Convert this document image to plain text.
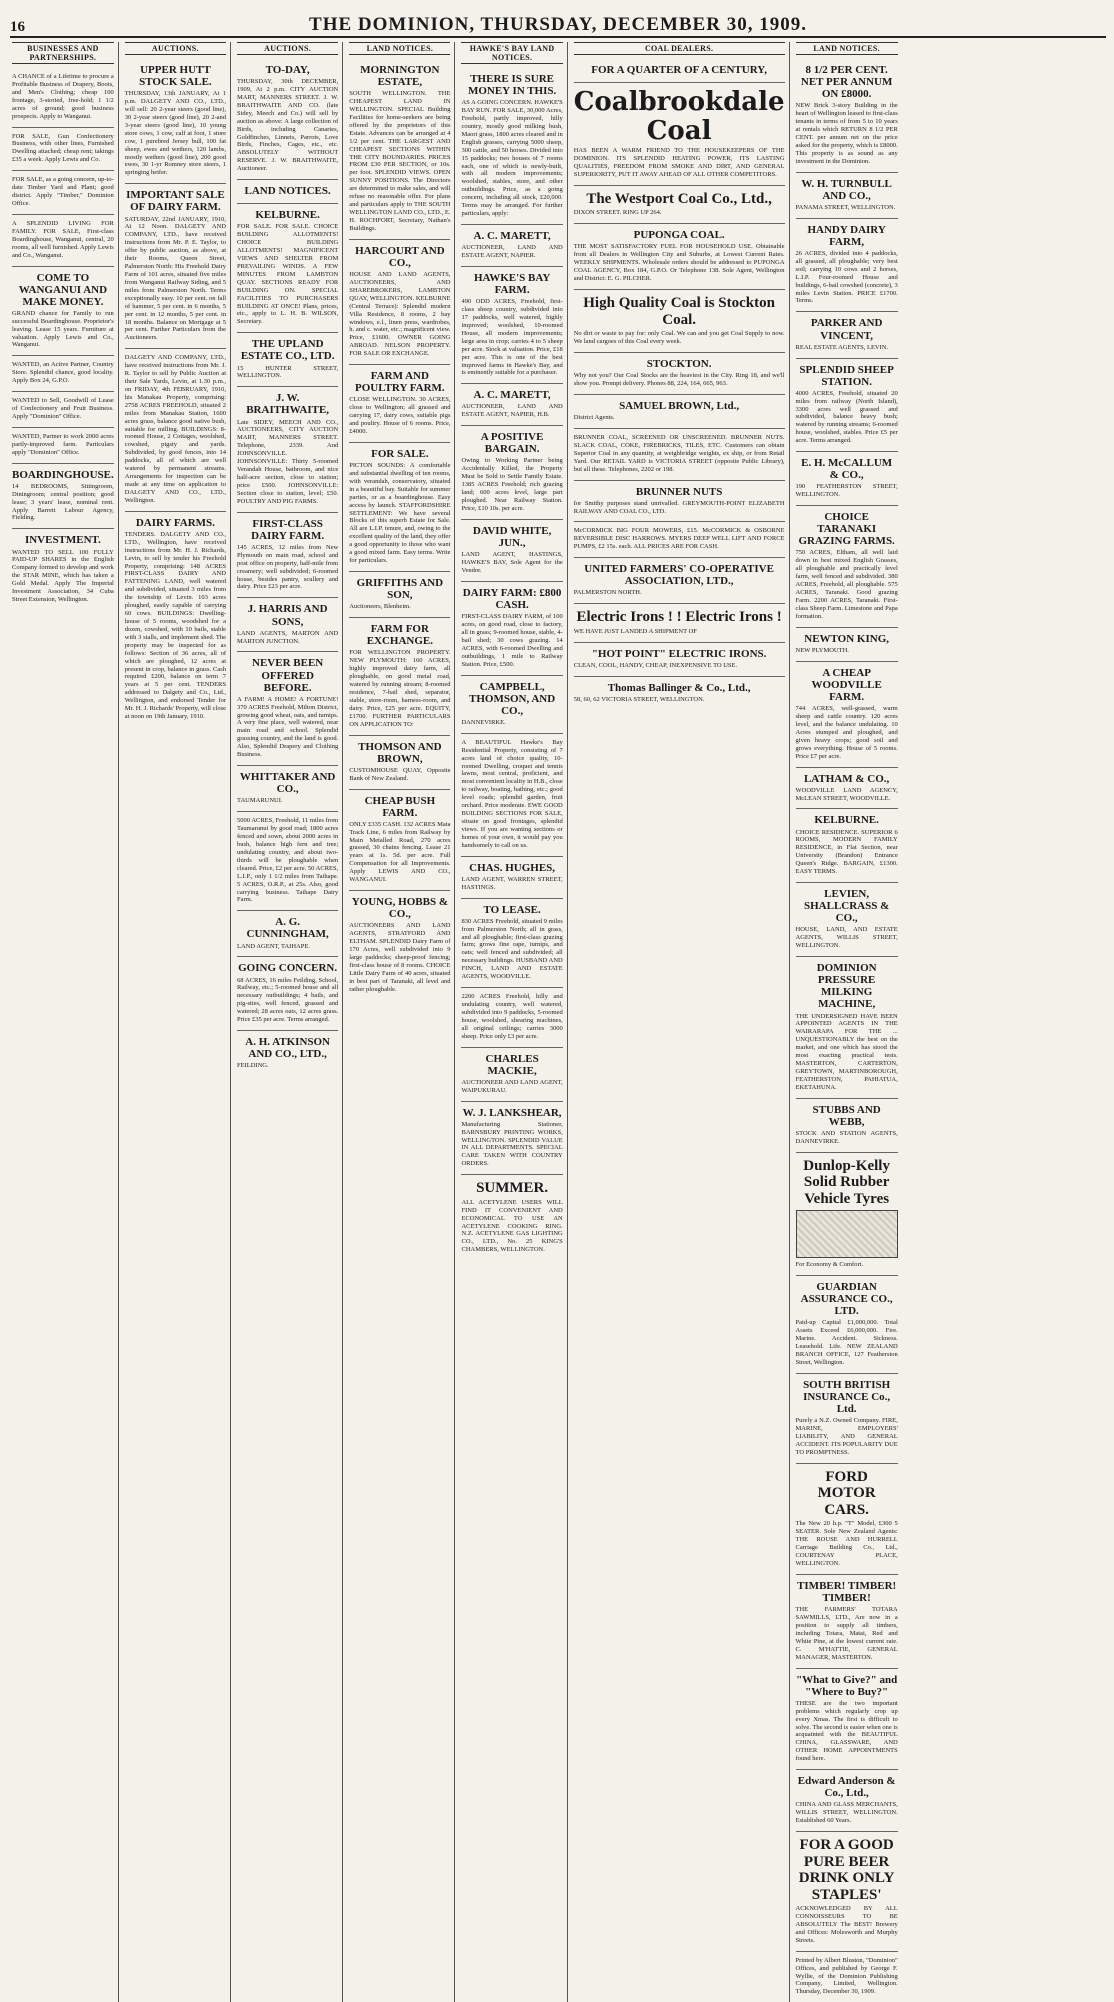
16	THE DOMINION, THURSDAY, DECEMBER 30, 1909.
BUSINESSES AND PARTNERSHIPS.
A CHANCE of a Lifetime to procure a Profitable Business of Drapery, Boots, and Men's Clothing; cheap 100 frontage, 3-storied, free-hold; 1 1/2 acres of ground; good business prospects. Apply to Wanganui.
FOR SALE, Gun Confectionery Business, with other lines, Furnished Dwelling attached; cheap rent; takings £35 a week. Apply Lewis and Co.
FOR SALE, as a going concern, up-to-date Timber Yard and Plant; good district. Apply "Timber," Dominion Office.
A SPLENDID LIVING FOR FAMILY. FOR SALE, First-class Boardinghouse, Wanganui, central, 20 rooms, all well furnished. Apply Lewis and Co., Wanganui.
COME TO WANGANUI AND MAKE MONEY.
GRAND chance for Family to run successful Boardinghouse. Proprietor's leaving. Lease 15 years. Furniture at valuation. Apply Lewis and Co., Wanganui.
WANTED, an Active Partner, Country Store. Splendid chance, good locality. Apply Box 24, G.P.O.
WANTED to Sell, Goodwill of Lease of Confectionery and Fruit Business. Apply "Dominion" Office.
WANTED, Partner to work 2000 acres partly-improved farm. Particulars apply "Dominion" Office.
BOARDINGHOUSE.
14 BEDROOMS, Sittingroom, Diningroom; central position; good lease; 3 years' lease, nominal rent. Apply Barrett Labour Agency, Fielding.
INVESTMENT.
WANTED TO SELL 100 FULLY PAID-UP SHARES in the English Company formed to develop and work the STAR MINE, which has taken a Gold Medal. Apply The Imperial Investment Association, 34 Cuba Street Extension, Wellington.
AUCTIONS.
UPPER HUTT STOCK SALE.
THURSDAY, 13th JANUARY, At 1 p.m. DALGETY AND CO., LTD., will sell: 20 2-year steers (good line), 30 2-year steers (good line), 20 2-and 3-year steers (good line), 10 young store cows, 1 cow, calf at foot, 1 store cow, 1 purebred Jersey bull, 100 fat sheep, ewes and wethers, 120 lambs, mostly wethers (good line), 200 good ewes, 30 1-yr Romney store steers, 1 springing heifer.
IMPORTANT SALE OF DAIRY FARM.
SATURDAY, 22nd JANUARY, 1910, At 12 Noon. DALGETY AND COMPANY, LTD., have received instructions from Mr. P. E. Taylor, to offer by public auction, as above, at their Rooms, Queen Street, Palmerston North: His Freehold Dairy Farm of 101 acres, situated five miles from Wanganui Railway Siding, and 5 miles from Palmerston North. Terms exceptionally easy. 10 per cent. on fall of hammer, 5 per cent. in 6 months, 5 per cent. in 12 months, 5 per cent. in 18 months. Balance on Mortgage at 5 per cent. Further Particulars from the Auctioneers.
DALGETY AND COMPANY, LTD., have received instructions from Mr. J. R. Taylor to sell by Public Auction at their Sale Yards, Levin, at 1.30 p.m., on FRIDAY, 4th FEBRUARY, 1910, his Manakau Property, comprising: 2758 ACRES FREEHOLD, situated 2 miles from Manakau Station, 1600 acres grass, balance good native bush, suitable for milling. BUILDINGS: 8-roomed House, 2 Cottages, woolshed, cowshed, pigsty and yards. Subdivided, by good fences, into 14 paddocks, all of which are well watered by permanent streams. Arrangements for inspection can be made at any time on application to DALGETY AND CO., LTD., Wellington.
DAIRY FARMS.
TENDERS. DALGETY AND CO., LTD., Wellington, have received instructions from Mr. H. J. Richards, Levin, to sell by tender his Freehold Property, comprising: 148 ACRES FIRST-CLASS DAIRY AND FATTENING LAND, well watered and subdivided, situated 3 miles from the township of Levin. 103 acres ploughed, easily capable of carrying 60 cows. BUILDINGS: Dwelling-house of 5 rooms, woodshed for a dozen, cowshed, with 10 bails, stable with 3 stalls, and implement shed. The property may be inspected for as follows: Section of 36 acres, all of which are ploughed, 12 acres at present in crop, balance in grass. Cash required £200, balance on term 7 years at 5 per cent. TENDERS addressed to Dalgety and Co., Ltd., Wellington, and endorsed Tender for Mr. H. J. Richards' Property, will close at noon on 19th January, 1910.
AUCTIONS.
TO-DAY,
THURSDAY, 30th DECEMBER, 1909, At 2 p.m. CITY AUCTION MART, MANNERS STREET. J. W. BRAITHWAITE AND CO. (late Sidey, Meech and Co.) will sell by auction as above: A large collection of Birds, including Canaries, Goldfinches, Linnets, Parrots, Love Birds, Finches, Cages, etc., etc. ABSOLUTELY WITHOUT RESERVE. J. W. BRAITHWAITE, Auctioneer.
LAND NOTICES.
KELBURNE.
FOR SALE. FOR SALE. CHOICE BUILDING ALLOTMENTS! CHOICE BUILDING ALLOTMENTS! MAGNIFICENT VIEWS AND SHELTER FROM PREVAILING WINDS. A FEW MINUTES FROM LAMBTON QUAY. SECTIONS READY FOR BUILDING ON. SPECIAL FACILITIES TO PURCHASERS BUILDING AT ONCE! Plans, prices, etc., apply to L. H. B. WILSON, Secretary.
THE UPLAND ESTATE CO., LTD.
15 HUNTER STREET, WELLINGTON.
J. W. BRAITHWAITE,
Late SIDEY, MEECH AND CO., AUCTIONEERS, CITY AUCTION MART, MANNERS STREET. Telephone, 2339. And JOHNSONVILLE. JOHNSONVILLE: Thirty 5-roomed Verandah House, bathroom, and nice half-acre section, close to station; price £500. JOHNSONVILLE: Section close to station, level; £50. POULTRY AND PIG FARMS.
FIRST-CLASS DAIRY FARM.
145 ACRES, 12 miles from New Plymouth on main road, school and post office on property, half-mile from creamery; well subdivided; 6-roomed house, besides pantry, scullery and dairy. Price £23 per acre.
J. HARRIS AND SONS,
LAND AGENTS, MARTON AND MARTON JUNCTION.
NEVER BEEN OFFERED BEFORE.
A FARM! A HOME! A FORTUNE! 370 ACRES Freehold, Milton District, growing good wheat, oats, and turnips. A very fine place, well watered, near main road and school. Splendid grassing country, and the land is good. Also, Splendid Drapery and Clothing Business.
WHITTAKER AND CO.,
TAUMARUNUI.
5000 ACRES, Freehold, 11 miles from Taumarunui by good road; 1800 acres fenced and sown, about 2000 acres in bush, balance high fern and tree; undulating country, and about two-thirds will be ploughable when cleared. Price, £2 per acre. 50 ACRES, L.I.P., only 1 1/2 miles from Taihape. 5 ACRES, O.R.P., at 25s. Also, good carrying business. Taihape Dairy Farm.
A. G. CUNNINGHAM,
LAND AGENT, TAIHAPE.
GOING CONCERN.
68 ACRES, 16 miles Feilding, School, Railway, etc.; 5-roomed house and all necessary outbuildings; 4 bails, and pig-sties, well fenced, grassed and watered; 28 acres oats, 12 acres grass. Price £35 per acre. Terms arranged.
A. H. ATKINSON AND CO., LTD.,
FEILDING.
LAND NOTICES.
MORNINGTON ESTATE,
SOUTH WELLINGTON. THE CHEAPEST LAND IN WELLINGTON. SPECIAL Building Facilities for home-seekers are being offered by the proprietors of this Estate. Advances can be arranged at 4 1/2 per cent. THE LARGEST AND CHEAPEST SECTIONS WITHIN THE CITY BOUNDARIES. PRICES FROM £30 PER SECTION, or 10s. per foot. SPLENDID VIEWS. OPEN SUNNY POSITIONS. The Directors are determined to make sales, and will refuse no reasonable offer. For plans and particulars apply to THE SOUTH WELLINGTON LAND CO., LTD., E. H. ROCHFORT, Secretary, Nathan's Buildings.
HARCOURT AND CO.,
HOUSE AND LAND AGENTS, AUCTIONEERS, AND SHAREBROKERS, LAMBTON QUAY, WELLINGTON. KELBURNE (Central Terrace): Splendid modern Villa Residence, 8 rooms, 2 bay windows, e.l., linen press, wardrobes, h. and c. water, etc.; magnificent view. Price, £1600. OWNER GOING ABROAD. NELSON PROPERTY. FOR SALE OR EXCHANGE.
FARM AND POULTRY FARM.
CLOSE WELLINGTON. 30 ACRES, close to Wellington; all grassed and carrying 17, dairy cows, suitable pigs and poultry. House of 6 rooms. Price, £4000.
FOR SALE.
PICTON SOUNDS: A comfortable and substantial dwelling of ten rooms, with verandah, conservatory, situated in a beautiful bay. Suitable for summer parties, or as a boardinghouse. Easy access by launch. STAFFORDSHIRE SETTLEMENT: We have several Blocks of this superb Estate for Sale. All are L.I.P. tenure, and, owing to the excellent quality of the land, they offer a good opportunity to those who want a good mixed farm. Easy terms. Write for particulars.
GRIFFITHS AND SON,
Auctioneers, Blenheim.
FARM FOR EXCHANGE.
FOR WELLINGTON PROPERTY. NEW PLYMOUTH: 160 ACRES, highly improved dairy farm, all ploughable, on good metal road, watered by running stream; 8-roomed residence, 7-bail shed, separator, stable, store-room, harness-room, and dairy. Price, £25 per acre. EQUITY, £1700. FURTHER PARTICULARS ON APPLICATION TO:
THOMSON AND BROWN,
CUSTOMHOUSE QUAY, Opposite Bank of New Zealand.
CHEAP BUSH FARM.
ONLY £335 CASH. 132 ACRES Mata Track Line, 6 miles from Railway by Main Metalled Road, 270 acres grassed, 30 chains fencing. Lease 21 years at 1s. 5d. per acre. Full Compensation for all Improvements. Apply LEWIS AND CO., WANGANUI.
YOUNG, HOBBS & CO.,
AUCTIONEERS AND LAND AGENTS, STRATFORD AND ELTHAM. SPLENDID Dairy Farm of 170 Acres, well subdivided into 9 large paddocks; sheep-proof fencing; first-class house of 8 rooms. CHOICE Little Dairy Farm of 40 acres, situated in best part of Taranaki, all level and rather ploughable.
HAWKE'S BAY LAND NOTICES.
THERE IS SURE MONEY IN THIS.
AS A GOING CONCERN. HAWKE'S BAY RUN. FOR SALE, 30,000 Acres, Freehold, partly improved, hilly country, mostly good milking bush, Maori grass, 1800 acres cleared and in English grasses, carrying 5000 sheep, 300 cattle, and 50 horses. Divided into 15 paddocks; two houses of 7 rooms each, one of which is newly-built, with all modern improvements; woolshed, stables, store, and other outbuildings. Price, as a going concern, including all stock, £20,000. Terms may be arranged. For further particulars, apply:
A. C. MARETT,
AUCTIONEER, LAND AND ESTATE AGENT, NAPIER.
HAWKE'S BAY FARM.
490 ODD ACRES, Freehold, first-class sheep country, subdivided into 17 paddocks, well watered, highly improved; woolshed, 10-roomed House, all modern improvements; large area in crop; carries 4 to 5 sheep per acre. Stock at valuation. Price, £18 per acre. This is one of the best improved farms in Hawke's Bay, and is eminently suitable for a purchaser.
A. C. MARETT,
AUCTIONEER, LAND AND ESTATE AGENT, NAPIER, H.B.
A POSITIVE BARGAIN.
Owing to Working Partner being Accidentally Killed, the Property Must be Sold to Settle Family Estate. 1385 ACRES Freehold; rich grazing land; 600 acres level, large part ploughed. Near Railway Station. Price, £10 10s. per acre.
DAVID WHITE, JUN.,
LAND AGENT, HASTINGS, HAWKE'S BAY, Sole Agent for the Vendor.
DAIRY FARM: £800 CASH.
FIRST-CLASS DAIRY FARM, of 100 acres, on good road, close to factory, all in grass; 9-roomed house, stable, 4-bail shed; 30 cows grazing. 14 ACRES, with 6-roomed Dwelling and outbuildings, 1 mile to Railway Station. Price, £500.
CAMPBELL, THOMSON, AND CO.,
DANNEVIRKE.
A BEAUTIFUL Hawke's Bay Residential Property, consisting of 7 acres land of choice quality, 10-roomed Dwelling, croquet and tennis lawns, most central, proficient, and most convenient locality in H.B., close to railway, boating, bathing, etc.; good level roads; splendid garden, fruit orchard. Price moderate. EWE GOOD BUILDING SECTIONS FOR SALE, situate on good frontages, splendid views. If you are wanting sections or homes of your own, it would pay you handsomely to call on us.
CHAS. HUGHES,
LAND AGENT, WARREN STREET, HASTINGS.
TO LEASE.
830 ACRES Freehold, situated 9 miles from Palmerston North; all in grass, and all ploughable; first-class grazing farm; grows fine rape, turnips, and oats; well fenced and subdivided; all necessary buildings. HUSBAND AND FINCH, LAND AND ESTATE AGENTS, WOODVILLE.
2200 ACRES Freehold, hilly and undulating country, well watered, subdivided into 9 paddocks, 5-roomed house, woolshed, shearing machines, all original ceilings; carries 3000 sheep. Price only £3 per acre.
CHARLES MACKIE,
AUCTIONEER AND LAND AGENT, WAIPUKURAU.
W. J. LANKSHEAR,
Manufacturing Stationer, BARNSBURY PRINTING WORKS, WELLINGTON. SPLENDID VALUE IN ALL DEPARTMENTS. SPECIAL CARE TAKEN WITH COUNTRY ORDERS.
SUMMER.
ALL ACETYLENE USERS WILL FIND IT CONVENIENT AND ECONOMICAL TO USE AN ACETYLENE COOKING RING. N.Z. ACETYLENE GAS LIGHTING CO., LTD., No. 25 KING'S CHAMBERS, WELLINGTON.
COAL DEALERS.
FOR A QUARTER OF A CENTURY,
Coalbrookdale Coal
HAS BEEN A WARM FRIEND TO THE HOUSEKEEPERS OF THE DOMINION. ITS SPLENDID HEATING POWER, ITS LASTING QUALITIES, FREEDOM FROM SMOKE AND DIRT, AND GENERAL SUPERIORITY, PUT IT AWAY AHEAD OF ALL OTHER COMPETITORS.
The Westport Coal Co., Ltd.,
DIXON STREET. RING UP 264.
PUPONGA COAL.
THE MOST SATISFACTORY FUEL FOR HOUSEHOLD USE. Obtainable from all Dealers in Wellington City and Suburbs, at Lowest Current Rates. WEEKLY SHIPMENTS. Wholesale orders should be addressed to PUPONGA COAL AGENCY, Box 184, G.P.O. Or Telephone 138. Sole Agent, Wellington and District: E. G. PILCHER.
High Quality Coal is Stockton Coal.
No dirt or waste to pay for: only Coal. We can and you get Coal Supply to now. We land cargoes of this Coal every week.
STOCKTON.
Why not you? Our Coal Stocks are the heaviest in the City. Ring 18, and we'll show you. Prompt delivery. Phones 88, 224, 164, 665, 963.
SAMUEL BROWN, Ltd.,
District Agents.
BRUNNER COAL, SCREENED OR UNSCREENED. BRUNNER NUTS. SLACK COAL, COKE, FIREBRICKS, TILES, ETC. Customers can obtain Superior Coal in any quantity, at weighbridge weights, ex ship, or from Retail Yard. Our RETAIL YARD is VICTORIA STREET (opposite Public Library), but all these. Telephones, 2202 or 198.
BRUNNER NUTS
for Smithy purposes stand unrivalled. GREYMOUTH-POINT ELIZABETH RAILWAY AND COAL CO., LTD.
McCORMICK BIG FOUR MOWERS, £15. McCORMICK & OSBORNE REVERSIBLE DISC HARROWS. MYERS DEEP WELL LIFT AND FORCE PUMPS, £2 15s. each. ALL PRICES ARE FOR CASH.
UNITED FARMERS' CO-OPERATIVE ASSOCIATION, LTD.,
PALMERSTON NORTH.
Electric Irons ! ! Electric Irons !
WE HAVE JUST LANDED A SHIPMENT OF
"HOT POINT" ELECTRIC IRONS.
CLEAN, COOL, HANDY, CHEAP, INEXPENSIVE TO USE.
Thomas Ballinger & Co., Ltd.,
58, 60, 62 VICTORIA STREET, WELLINGTON.
LAND NOTICES.
8 1/2 PER CENT. NET PER ANNUM ON £8000.
NEW Brick 3-story Building in the heart of Wellington leased to first-class tenants in terms of from 5 to 10 years at rentals which RETURN 8 1/2 PER CENT. per annum net on the price asked for the property, which is £8000. This property is as sound as any investment in the Dominion.
W. H. TURNBULL AND CO.,
PANAMA STREET, WELLINGTON.
HANDY DAIRY FARM,
26 ACRES, divided into 4 paddocks, all grassed, all ploughable; very best soil; carrying 10 cows and 2 horses, L.I.P. Four-roomed House and buildings, 6-bail cowshed (concrete), 3 miles Levin Station. PRICE £1700. Terms.
PARKER AND VINCENT,
REAL ESTATE AGENTS, LEVIN.
SPLENDID SHEEP STATION.
4000 ACRES, Freehold, situated 20 miles from railway (North Island), 3300 acres well grassed and subdivided, balance heavy bush; watered by running streams; 6-roomed house, woolshed, stables. Price £5 per acre. Terms arranged.
E. H. McCALLUM & CO.,
190 FEATHERSTON STREET, WELLINGTON.
CHOICE TARANAKI GRAZING FARMS.
750 ACRES, Eltham, all well laid down in best mixed English Grasses, all ploughable and practically level farm, well fenced and subdivided. 380 ACRES, Freehold, all ploughable. 575 ACRES, Taranaki. Good grazing Farm. 2200 ACRES, Taranaki. First-class Sheep Farm. Limestone and Papa formation.
NEWTON KING,
NEW PLYMOUTH.
A CHEAP WOODVILLE FARM.
744 ACRES, well-grassed, warm sheep and cattle country. 120 acres level, and the balance undulating. 10 Acres stumped and ploughed, and given heavy crops; good soil and grows everything. House of 5 rooms. Price £7 per acre.
LATHAM & CO.,
WOODVILLE LAND AGENCY, McLEAN STREET, WOODVILLE.
KELBURNE.
CHOICE RESIDENCE. SUPERIOR 6 ROOMS, MODERN FAMILY RESIDENCE, in Flat Section, near University (Brandon) Entrance Queen's Ridge. BARGAIN, £1300. EASY TERMS.
LEVIEN, SHALLCRASS & CO.,
HOUSE, LAND, AND ESTATE AGENTS, WILLIS STREET, WELLINGTON.
DOMINION PRESSURE MILKING MACHINE,
THE UNDERSIGNED HAVE BEEN APPOINTED AGENTS IN THE WAIRARAPA FOR THE ... UNQUESTIONABLY the best on the market, and one which has stood the most exacting practical tests. MASTERTON, CARTERTON, GREYTOWN, MARTINBOROUGH, FEATHERSTON, PAHIATUA, EKETAHUNA.
STUBBS AND WEBB,
STOCK AND STATION AGENTS, DANNEVIRKE.
Dunlop-Kelly Solid Rubber Vehicle Tyres
For Economy & Comfort.
GUARDIAN ASSURANCE CO., LTD.
Paid-up Capital £1,000,000. Total Assets Exceed £6,000,000. Fire. Marine. Accident. Sickness. Leasehold. Life. NEW ZEALAND BRANCH OFFICE, 127 Featherston Street, Wellington.
SOUTH BRITISH INSURANCE Co., Ltd.
Purely a N.Z. Owned Company. FIRE, MARINE, EMPLOYERS' LIABILITY, AND GENERAL ACCIDENT. ITS POPULARITY DUE TO PROMPTNESS.
FORD MOTOR CARS.
The New 20 h.p. "T" Model, £300 5 SEATER. Sole New Zealand Agents: THE ROUSE AND HURRELL Carriage Building Co., Ltd., COURTENAY PLACE, WELLINGTON.
TIMBER! TIMBER! TIMBER!
THE FARMERS' TOTARA SAWMILLS, LTD., Are now in a position to supply all timbers, including Totara, Matai, Red and White Pine, at the lowest current rate. C. M'HATTIE, GENERAL MANAGER, MASTERTON.
"What to Give?" and "Where to Buy?"
THESE are the two important problems which regularly crop up every Xmas. The first is difficult to solve. The second is easier when one is acquainted with the BEAUTIFUL CHINA, GLASSWARE, AND OTHER HOME APPOINTMENTS found here.
Edward Anderson & Co., Ltd.,
CHINA AND GLASS MERCHANTS, WILLIS STREET, WELLINGTON. Established 60 Years.
FOR A GOOD PURE BEER DRINK ONLY STAPLES'
ACKNOWLEDGED BY ALL CONNOISSEURS TO BE ABSOLUTELY The BEST! Brewery and Offices: Molesworth and Murphy Streets.
Printed by Albert Bluston, "Dominion" Offices, and published by George F. Wyllie, of the Dominion Publishing Company, Limited, Wellington. Thursday, December 30, 1909.
